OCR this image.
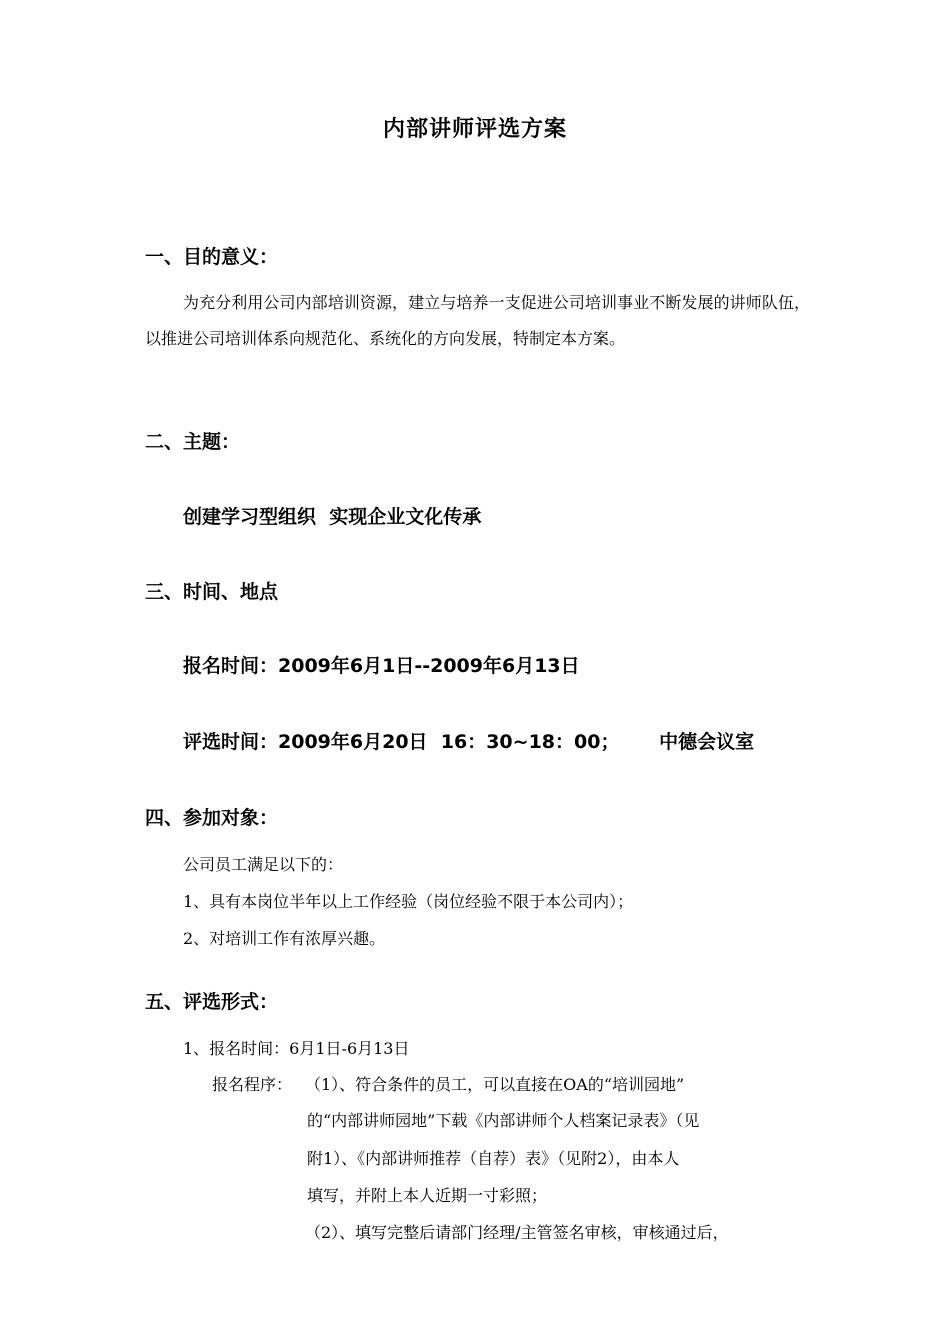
内部讲师评选方案
一、目的意义：
为充分利用公司内部培训资源，建立与培养一支促进公司培训事业不断发展的讲师队伍，以推进公司培训体系向规范化、系统化的方向发展，特制定本方案。
二、主题：
创建学习型组织  实现企业文化传承
三、时间、地点
报名时间：2009年6月1日--2009年6月13日
评选时间：2009年6月20日  16：30~18：00；      中德会议室
四、参加对象：
公司员工满足以下的：
1、具有本岗位半年以上工作经验（岗位经验不限于本公司内）；
2、对培训工作有浓厚兴趣。
五、评选形式：
1、报名时间：6月1日-6月13日
报名程序： （1）、符合条件的员工，可以直接在OA的“培训园地”
的“内部讲师园地”下载《内部讲师个人档案记录表》（见
附1）、《内部讲师推荐（自荐）表》（见附2），由本人
填写，并附上本人近期一寸彩照；
（2）、填写完整后请部门经理/主管签名审核，审核通过后，
